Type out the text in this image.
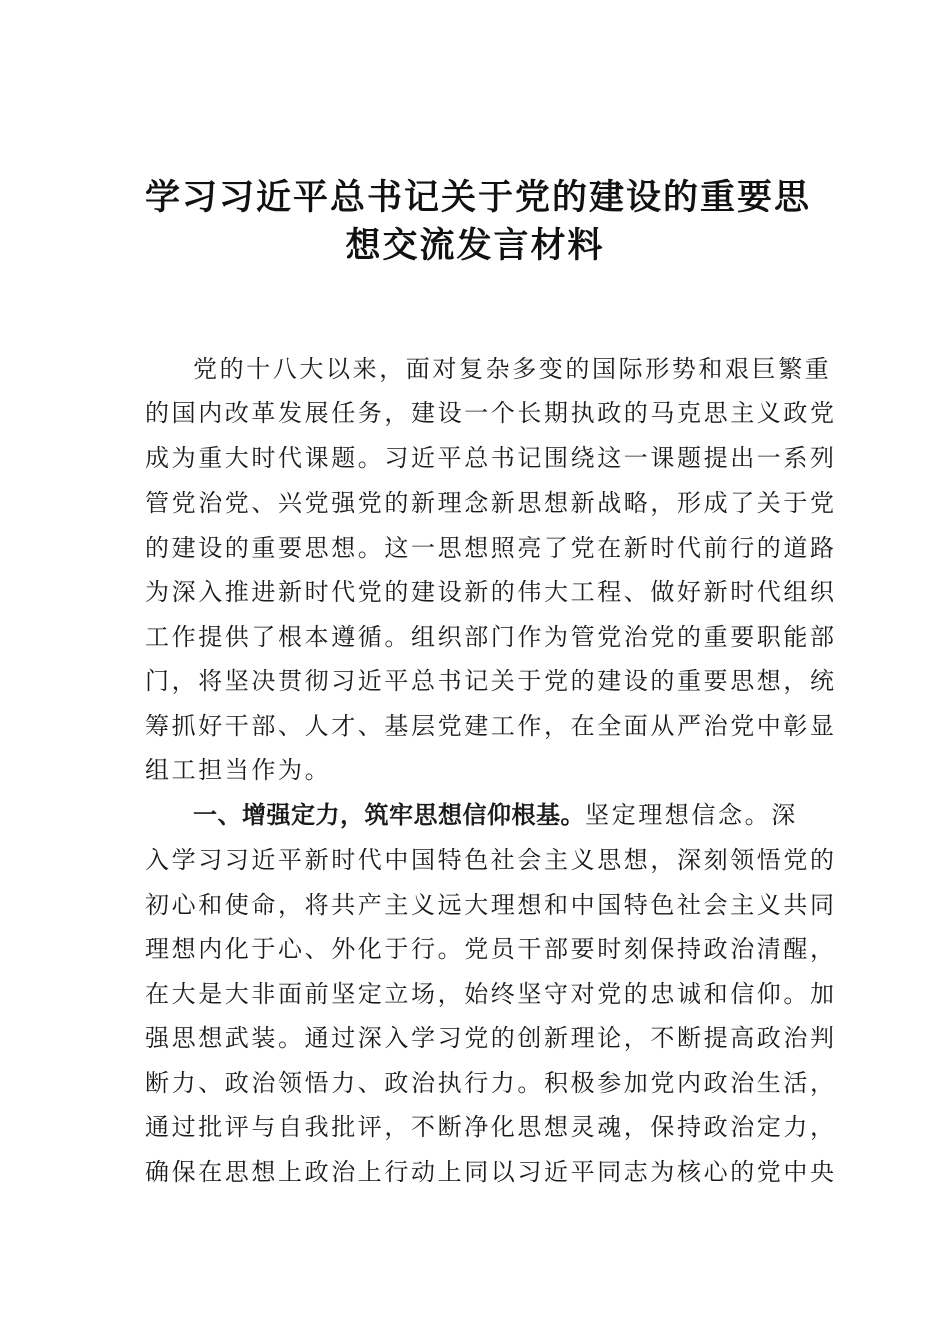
学习习近平总书记关于党的建设的重要思
想交流发言材料
党的十八大以来，面对复杂多变的国际形势和艰巨繁重
的国内改革发展任务，建设一个长期执政的马克思主义政党
成为重大时代课题。习近平总书记围绕这一课题提出一系列
管党治党、兴党强党的新理念新思想新战略，形成了关于党
的建设的重要思想。这一思想照亮了党在新时代前行的道路
为深入推进新时代党的建设新的伟大工程、做好新时代组织
工作提供了根本遵循。组织部门作为管党治党的重要职能部
门，将坚决贯彻习近平总书记关于党的建设的重要思想，统
筹抓好干部、人才、基层党建工作，在全面从严治党中彰显
组工担当作为。
一、增强定力，筑牢思想信仰根基。坚定理想信念。深
入学习习近平新时代中国特色社会主义思想，深刻领悟党的
初心和使命，将共产主义远大理想和中国特色社会主义共同
理想内化于心、外化于行。党员干部要时刻保持政治清醒，
在大是大非面前坚定立场，始终坚守对党的忠诚和信仰。加
强思想武装。通过深入学习党的创新理论，不断提高政治判
断力、政治领悟力、政治执行力。积极参加党内政治生活，
通过批评与自我批评，不断净化思想灵魂，保持政治定力，
确保在思想上政治上行动上同以习近平同志为核心的党中央
